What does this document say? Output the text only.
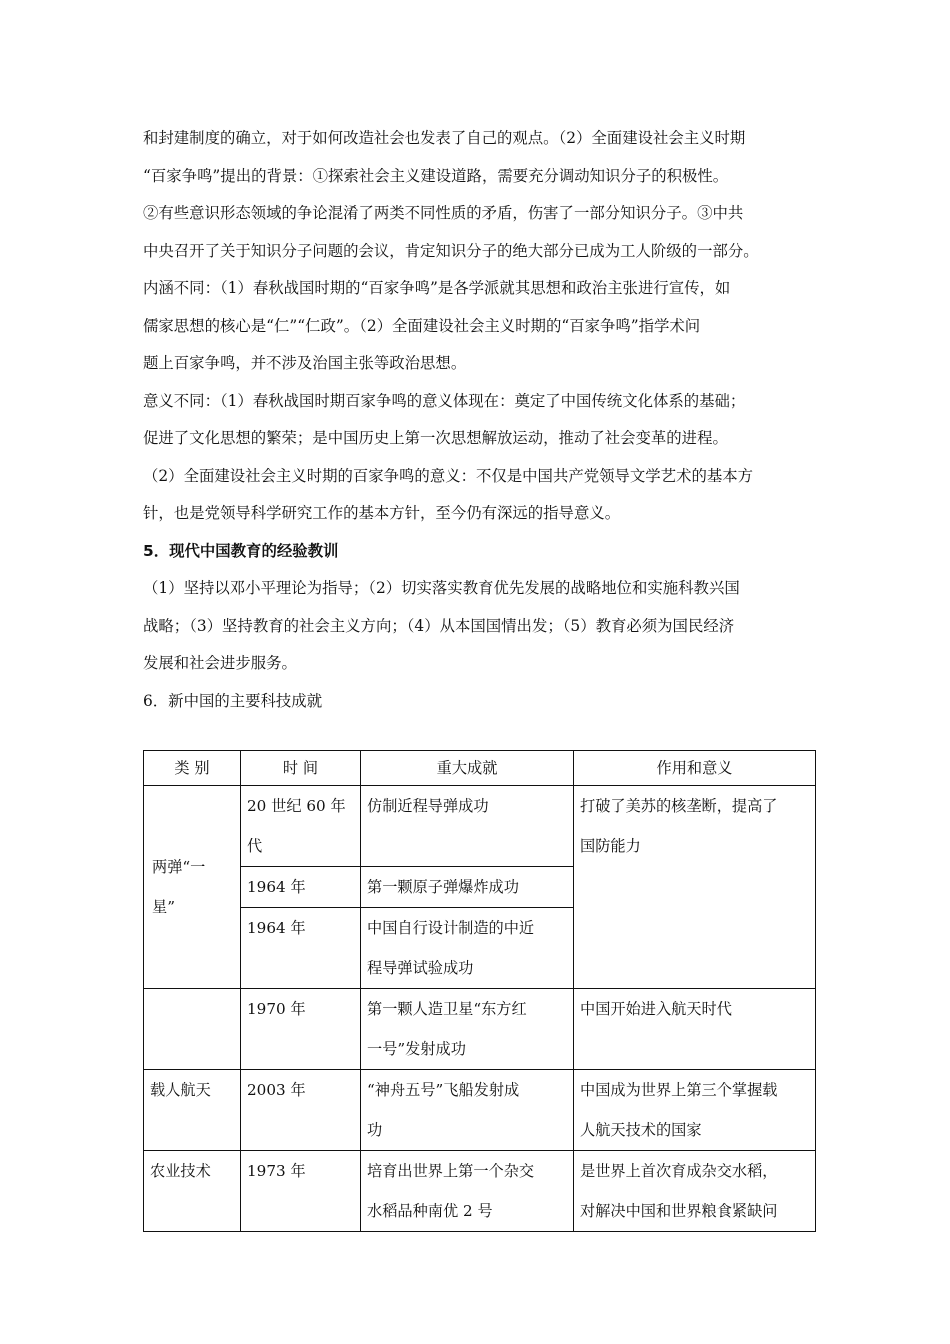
和封建制度的确立，对于如何改造社会也发表了自己的观点。（2）全面建设社会主义时期
“百家争鸣”提出的背景：①探索社会主义建设道路，需要充分调动知识分子的积极性。
②有些意识形态领域的争论混淆了两类不同性质的矛盾，伤害了一部分知识分子。③中共
中央召开了关于知识分子问题的会议，肯定知识分子的绝大部分已成为工人阶级的一部分。
内涵不同：（1）春秋战国时期的“百家争鸣”是各学派就其思想和政治主张进行宣传，如
儒家思想的核心是“仁”“仁政”。（2）全面建设社会主义时期的“百家争鸣”指学术问
题上百家争鸣，并不涉及治国主张等政治思想。
意义不同：（1）春秋战国时期百家争鸣的意义体现在：奠定了中国传统文化体系的基础；
促进了文化思想的繁荣；是中国历史上第一次思想解放运动，推动了社会变革的进程。
（2）全面建设社会主义时期的百家争鸣的意义：不仅是中国共产党领导文学艺术的基本方
针，也是党领导科学研究工作的基本方针，至今仍有深远的指导意义。
5．现代中国教育的经验教训
（1）坚持以邓小平理论为指导；（2）切实落实教育优先发展的战略地位和实施科教兴国
战略；（3）坚持教育的社会主义方向；（4）从本国国情出发；（5）教育必须为国民经济
发展和社会进步服务。
6．新中国的主要科技成就
类 别	时 间	重大成就	作用和意义

两弹“一
星”	20 世纪 60 年
代	仿制近程导弹成功	打破了美苏的核垄断，提高了
国防能力

	1964 年	第一颗原子弹爆炸成功	

	1964 年	中国自行设计制造的中近
程导弹试验成功	

	1970 年	第一颗人造卫星“东方红
一号”发射成功	中国开始进入航天时代

载人航天	2003 年	“神舟五号”飞船发射成
功	中国成为世界上第三个掌握载
人航天技术的国家

农业技术	1973 年	培育出世界上第一个杂交
水稻品种南优 2 号	是世界上首次育成杂交水稻，
对解决中国和世界粮食紧缺问
